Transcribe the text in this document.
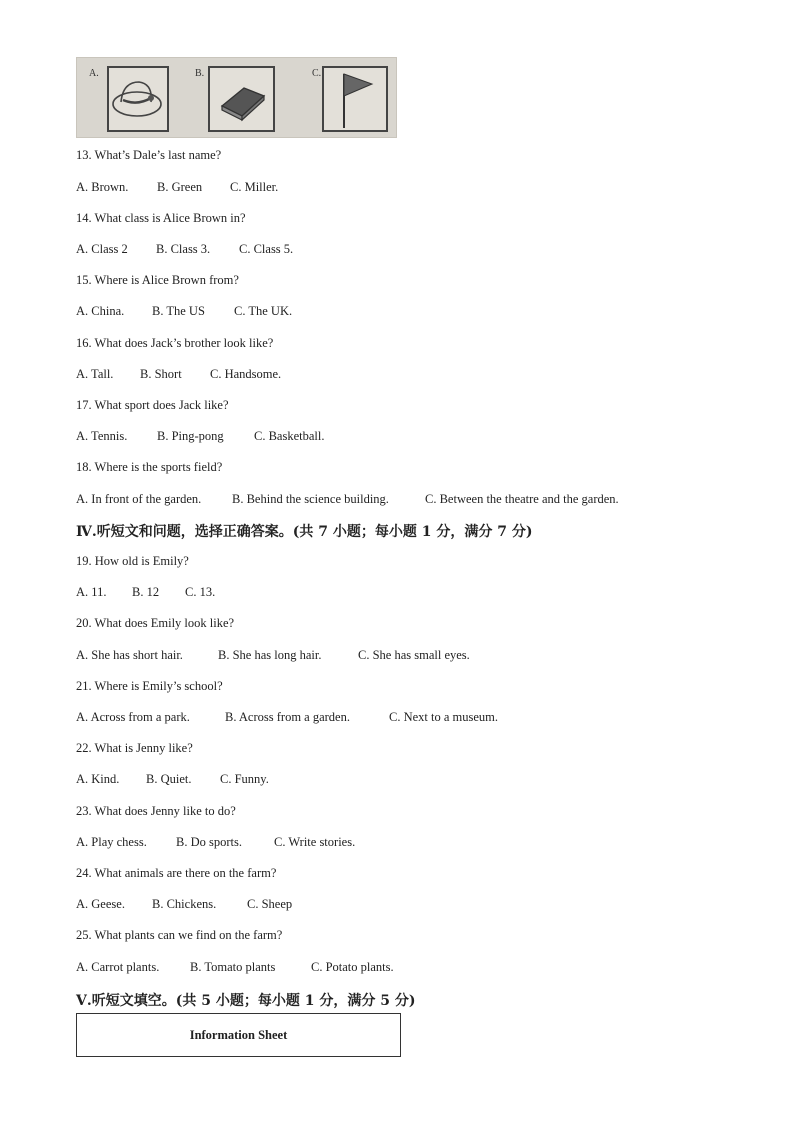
A.	B.	C.
13. What’s Dale’s last name?
A. Brown. B. Green C. Miller.
14. What class is Alice Brown in?
A. Class 2 B. Class 3. C. Class 5.
15. Where is Alice Brown from?
A. China. B. The US C. The UK.
16. What does Jack’s brother look like?
A. Tall. B. Short C. Handsome.
17. What sport does Jack like?
A. Tennis. B. Ping-pong C. Basketball.
18. Where is the sports field?
A. In front of the garden. B. Behind the science building.	C. Between the theatre and the garden.
Ⅳ.听短文和问题，选择正确答案。(共 7 小题；每小题 1 分，满分 7 分)
19. How old is Emily?
A. 11. B. 12 C. 13.
20. What does Emily look like?
A. She has short hair.	B. She has long hair.	C. She has small eyes.
21. Where is Emily’s school?
A. Across from a park.	B. Across from a garden.	C. Next to a museum.
22. What is Jenny like?
A. Kind. B. Quiet. C. Funny.
23. What does Jenny like to do?
A. Play chess. B. Do sports.	C. Write stories.
24. What animals are there on the farm?
A. Geese. B. Chickens. C. Sheep
25. What plants can we find on the farm?
A. Carrot plants. B. Tomato plants	C. Potato plants.
Ⅴ.听短文填空。(共 5 小题；每小题 1 分，满分 5 分)
Information Sheet
